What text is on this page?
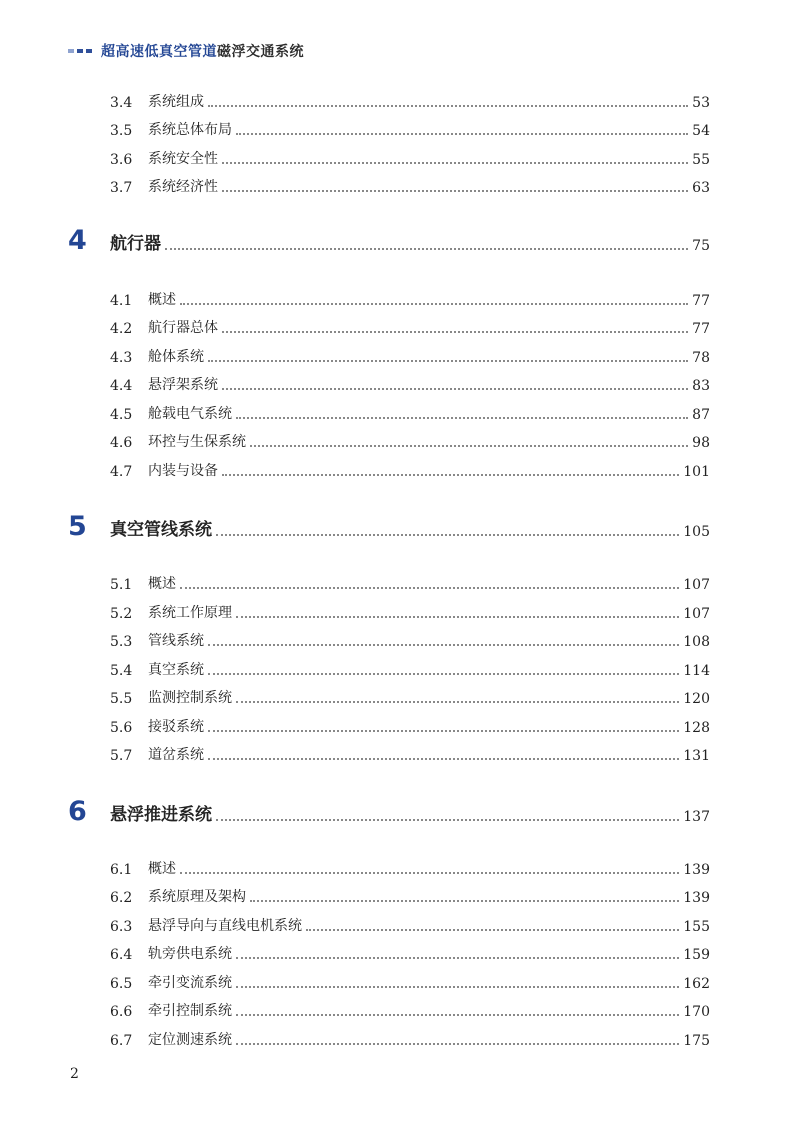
超高速低真空管道磁浮交通系统
3.4	系统组成	53
3.5	系统总体布局	54
3.6	系统安全性	55
3.7	系统经济性	63
4 航行器	75
4.1	概述	77
4.2	航行器总体	77
4.3	舱体系统	78
4.4	悬浮架系统	83
4.5	舱载电气系统	87
4.6	环控与生保系统	98
4.7	内装与设备	101
5 真空管线系统	105
5.1	概述	107
5.2	系统工作原理	107
5.3	管线系统	108
5.4	真空系统	114
5.5	监测控制系统	120
5.6	接驳系统	128
5.7	道岔系统	131
6 悬浮推进系统	137
6.1	概述	139
6.2	系统原理及架构	139
6.3	悬浮导向与直线电机系统	155
6.4	轨旁供电系统	159
6.5	牵引变流系统	162
6.6	牵引控制系统	170
6.7	定位测速系统	175
2
